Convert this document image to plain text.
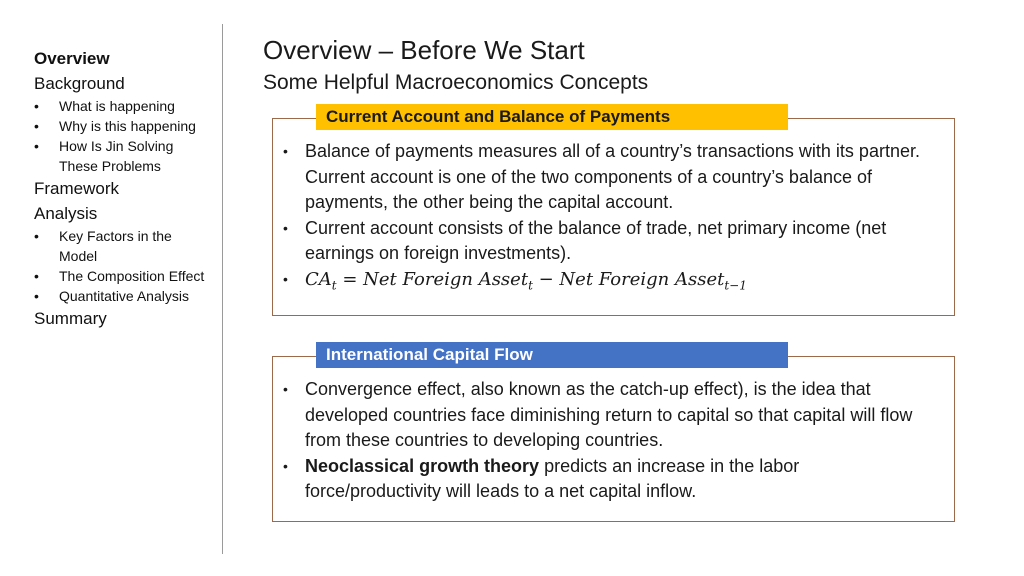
Overview
Background
• What is happening
• Why is this happening
• How Is Jin Solving These Problems
Framework
Analysis
• Key Factors in the Model
• The Composition Effect
• Quantitative Analysis
Summary
Overview – Before We Start
Some Helpful Macroeconomics Concepts
• Balance of payments measures all of a country’s transactions with its partner. Current account is one of the two components of a country’s balance of payments, the other being the capital account.
• Current account consists of the balance of trade, net primary income (net earnings on foreign investments).
• $CA_t$ = Net Foreign Asset$_t$ − Net Foreign Asset$_{t-1}$
Current Account and Balance of Payments
• Convergence effect, also known as the catch-up effect), is the idea that developed countries face diminishing return to capital so that capital will flow from these countries to developing countries.
• Neoclassical growth theory predicts an increase in the labor force/productivity will leads to a net capital inflow.
International Capital Flow
